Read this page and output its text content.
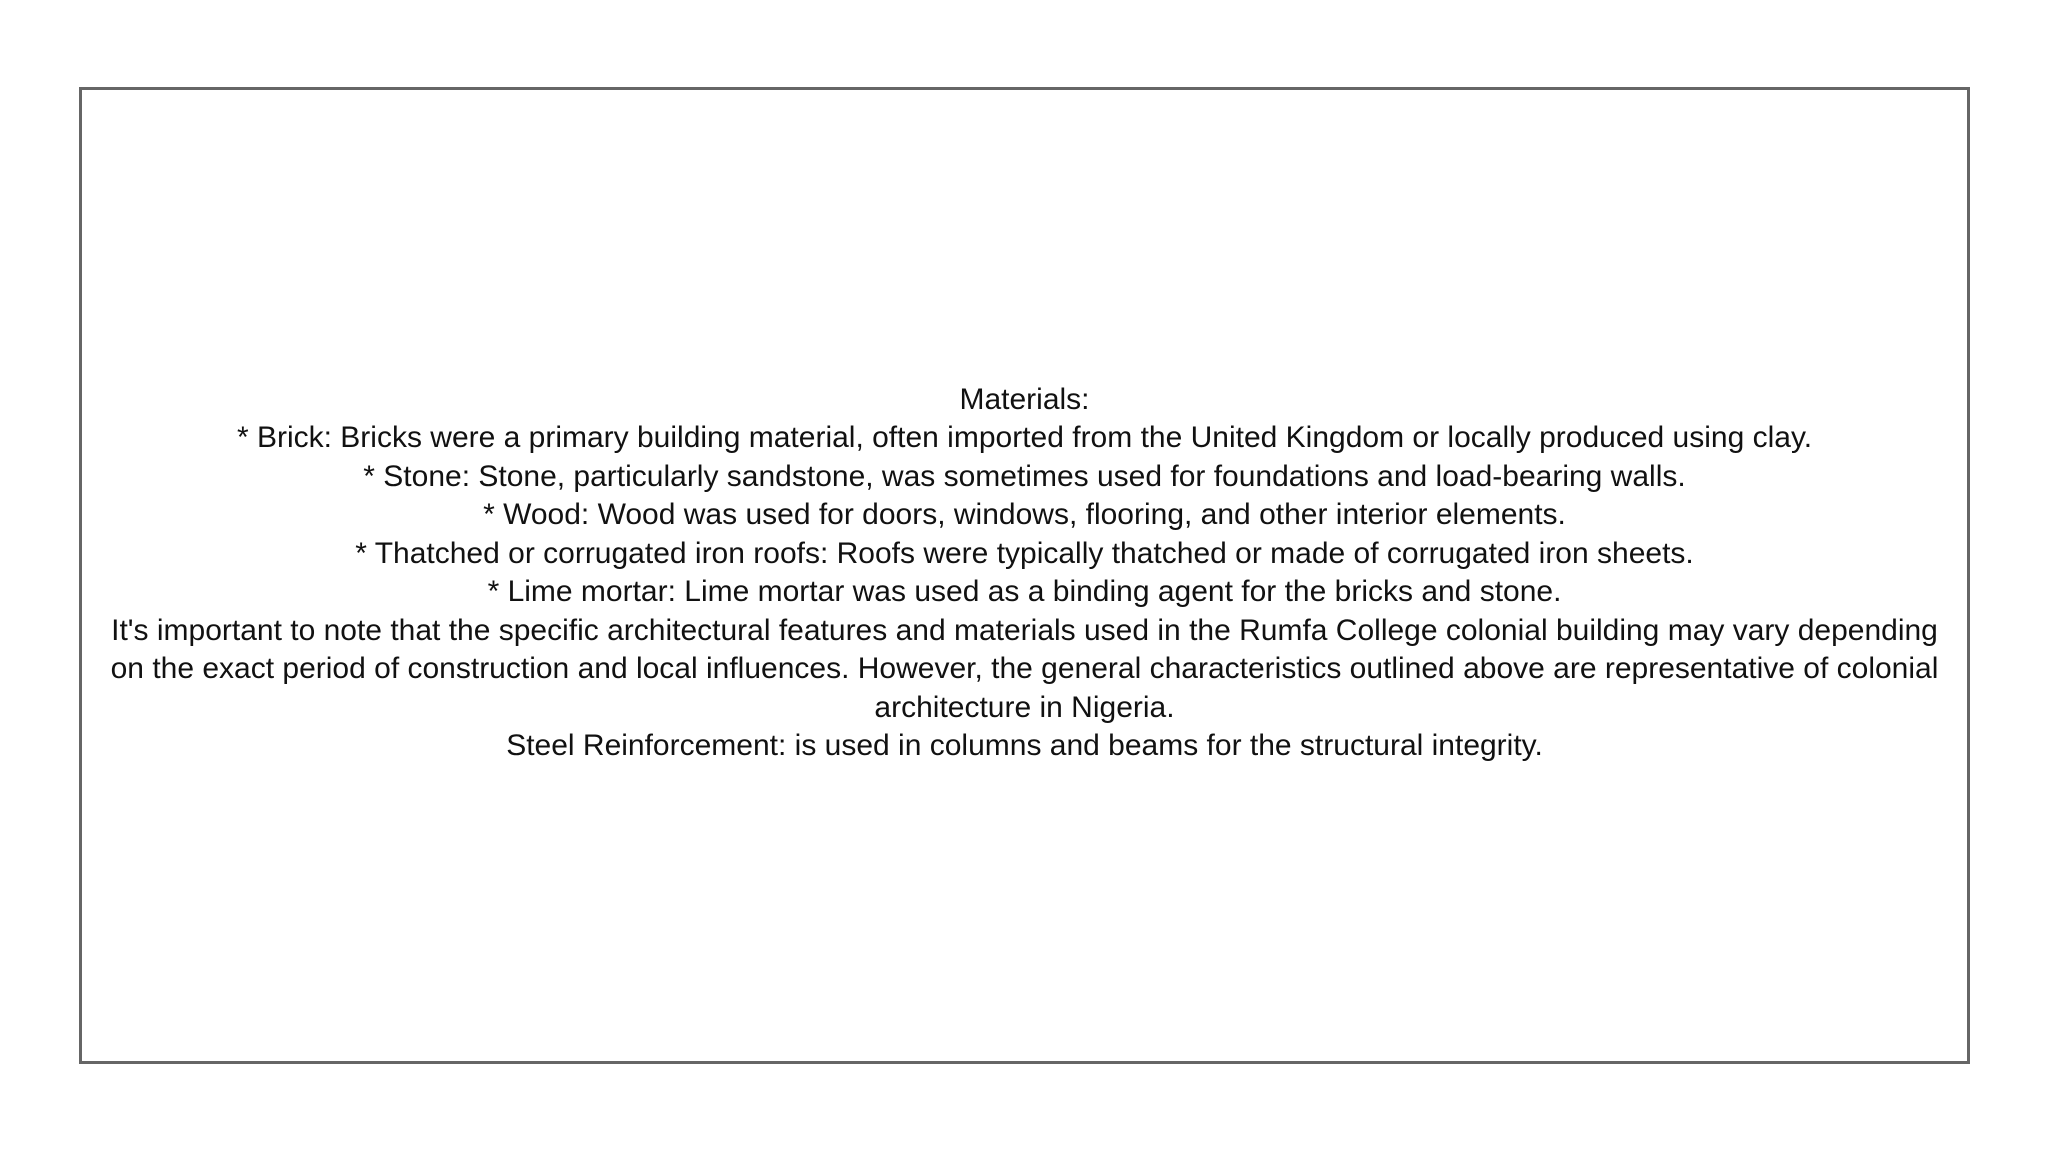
Materials:
* Brick: Bricks were a primary building material, often imported from the United Kingdom or locally produced using clay.
* Stone: Stone, particularly sandstone, was sometimes used for foundations and load-bearing walls.
* Wood: Wood was used for doors, windows, flooring, and other interior elements.
* Thatched or corrugated iron roofs: Roofs were typically thatched or made of corrugated iron sheets.
* Lime mortar: Lime mortar was used as a binding agent for the bricks and stone.
It's important to note that the specific architectural features and materials used in the Rumfa College colonial building may vary depending on the exact period of construction and local influences. However, the general characteristics outlined above are representative of colonial architecture in Nigeria.
Steel Reinforcement: is used in columns and beams for the structural integrity.
